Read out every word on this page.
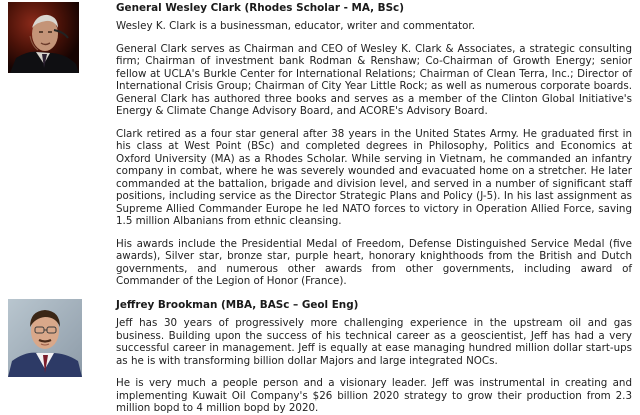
General Wesley Clark (Rhodes Scholar - MA, BSc)

Wesley K. Clark is a businessman, educator, writer and commentator.

General Clark serves as Chairman and CEO of Wesley K. Clark & Associates, a strategic consulting firm; Chairman of investment bank Rodman & Renshaw; Co-Chairman of Growth Energy; senior fellow at UCLA's Burkle Center for International Relations; Chairman of Clean Terra, Inc.; Director of International Crisis Group; Chairman of City Year Little Rock; as well as numerous corporate boards. General Clark has authored three books and serves as a member of the Clinton Global Initiative's Energy & Climate Change Advisory Board, and ACORE's Advisory Board.

Clark retired as a four star general after 38 years in the United States Army. He graduated first in his class at West Point (BSc) and completed degrees in Philosophy, Politics and Economics at Oxford University (MA) as a Rhodes Scholar. While serving in Vietnam, he commanded an infantry company in combat, where he was severely wounded and evacuated home on a stretcher. He later commanded at the battalion, brigade and division level, and served in a number of significant staff positions, including service as the Director Strategic Plans and Policy (J-5). In his last assignment as Supreme Allied Commander Europe he led NATO forces to victory in Operation Allied Force, saving 1.5 million Albanians from ethnic cleansing.

His awards include the Presidential Medal of Freedom, Defense Distinguished Service Medal (five awards), Silver star, bronze star, purple heart, honorary knighthoods from the British and Dutch governments, and numerous other awards from other governments, including award of Commander of the Legion of Honor (France).

Jeffrey Brookman (MBA, BASc – Geol Eng)

Jeff has 30 years of progressively more challenging experience in the upstream oil and gas business. Building upon the success of his technical career as a geoscientist, Jeff has had a very successful career in management. Jeff is equally at ease managing hundred million dollar start-ups as he is with transforming billion dollar Majors and large integrated NOCs.

He is very much a people person and a visionary leader. Jeff was instrumental in creating and implementing Kuwait Oil Company's $26 billion 2020 strategy to grow their production from 2.3 million bopd to 4 million bopd by 2020.
